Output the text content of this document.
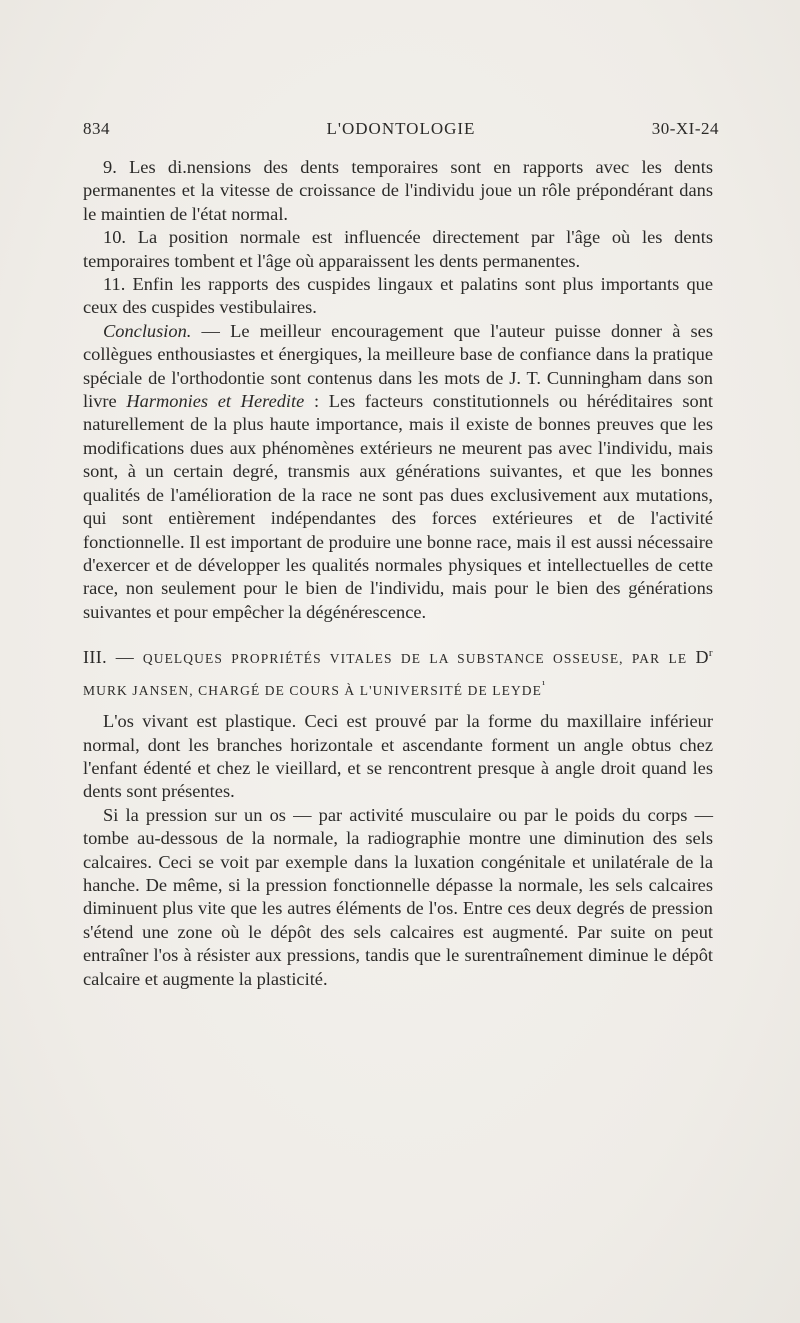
834	L'ODONTOLOGIE	30-XI-24

9. Les di.nensions des dents temporaires sont en rapports avec les dents permanentes et la vitesse de croissance de l'individu joue un rôle prépondérant dans le maintien de l'état normal.

10. La position normale est influencée directement par l'âge où les dents temporaires tombent et l'âge où apparaissent les dents permanentes.

11. Enfin les rapports des cuspides lingaux et palatins sont plus importants que ceux des cuspides vestibulaires.

Conclusion. — Le meilleur encouragement que l'auteur puisse donner à ses collègues enthousiastes et énergiques, la meilleure base de confiance dans la pratique spéciale de l'orthodontie sont contenus dans les mots de J. T. Cunningham dans son livre Harmonies et Heredite : Les facteurs constitutionnels ou héréditaires sont naturellement de la plus haute importance, mais il existe de bonnes preuves que les modifications dues aux phénomènes extérieurs ne meurent pas avec l'individu, mais sont, à un certain degré, transmis aux générations suivantes, et que les bonnes qualités de l'amélioration de la race ne sont pas dues exclusivement aux mutations, qui sont entièrement indépendantes des forces extérieures et de l'activité fonctionnelle. Il est important de produire une bonne race, mais il est aussi nécessaire d'exercer et de développer les qualités normales physiques et intellectuelles de cette race, non seulement pour le bien de l'individu, mais pour le bien des générations suivantes et pour empêcher la dégénérescence.

III. — QUELQUES PROPRIÉTÉS VITALES DE LA SUBSTANCE OSSEUSE, PAR LE $D^r$ MURK JANSEN, CHARGÉ DE COURS À L'UNIVERSITÉ DE $LEYDE^{^1}$

L'os vivant est plastique. Ceci est prouvé par la forme du maxillaire inférieur normal, dont les branches horizontale et ascendante forment un angle obtus chez l'enfant édenté et chez le vieillard, et se rencontrent presque à angle droit quand les dents sont présentes.

Si la pression sur un os — par activité musculaire ou par le poids du corps — tombe au-dessous de la normale, la radiographie montre une diminution des sels calcaires. Ceci se voit par exemple dans la luxation congénitale et unilatérale de la hanche. De même, si la pression fonctionnelle dépasse la normale, les sels calcaires diminuent plus vite que les autres éléments de l'os. Entre ces deux degrés de pression s'étend une zone où le dépôt des sels calcaires est augmenté. Par suite on peut entraîner l'os à résister aux pressions, tandis que le surentraînement diminue le dépôt calcaire et augmente la plasticité.
